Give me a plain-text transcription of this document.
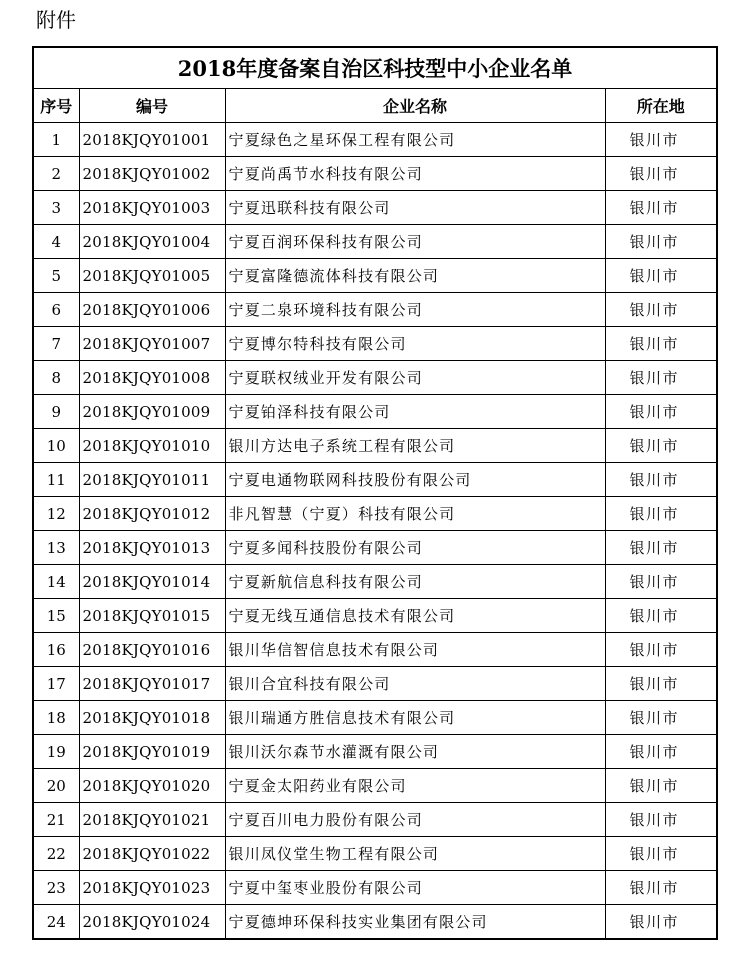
附件
2018年度备案自治区科技型中小企业名单			
序号	编号	企业名称	所在地
1	2018KJQY01001	宁夏绿色之星环保工程有限公司	银川市
2	2018KJQY01002	宁夏尚禹节水科技有限公司	银川市
3	2018KJQY01003	宁夏迅联科技有限公司	银川市
4	2018KJQY01004	宁夏百润环保科技有限公司	银川市
5	2018KJQY01005	宁夏富隆德流体科技有限公司	银川市
6	2018KJQY01006	宁夏二泉环境科技有限公司	银川市
7	2018KJQY01007	宁夏博尔特科技有限公司	银川市
8	2018KJQY01008	宁夏联权绒业开发有限公司	银川市
9	2018KJQY01009	宁夏铂泽科技有限公司	银川市
10	2018KJQY01010	银川方达电子系统工程有限公司	银川市
11	2018KJQY01011	宁夏电通物联网科技股份有限公司	银川市
12	2018KJQY01012	非凡智慧（宁夏）科技有限公司	银川市
13	2018KJQY01013	宁夏多闻科技股份有限公司	银川市
14	2018KJQY01014	宁夏新航信息科技有限公司	银川市
15	2018KJQY01015	宁夏无线互通信息技术有限公司	银川市
16	2018KJQY01016	银川华信智信息技术有限公司	银川市
17	2018KJQY01017	银川合宜科技有限公司	银川市
18	2018KJQY01018	银川瑞通方胜信息技术有限公司	银川市
19	2018KJQY01019	银川沃尔森节水灌溉有限公司	银川市
20	2018KJQY01020	宁夏金太阳药业有限公司	银川市
21	2018KJQY01021	宁夏百川电力股份有限公司	银川市
22	2018KJQY01022	银川凤仪堂生物工程有限公司	银川市
23	2018KJQY01023	宁夏中玺枣业股份有限公司	银川市
24	2018KJQY01024	宁夏德坤环保科技实业集团有限公司	银川市
